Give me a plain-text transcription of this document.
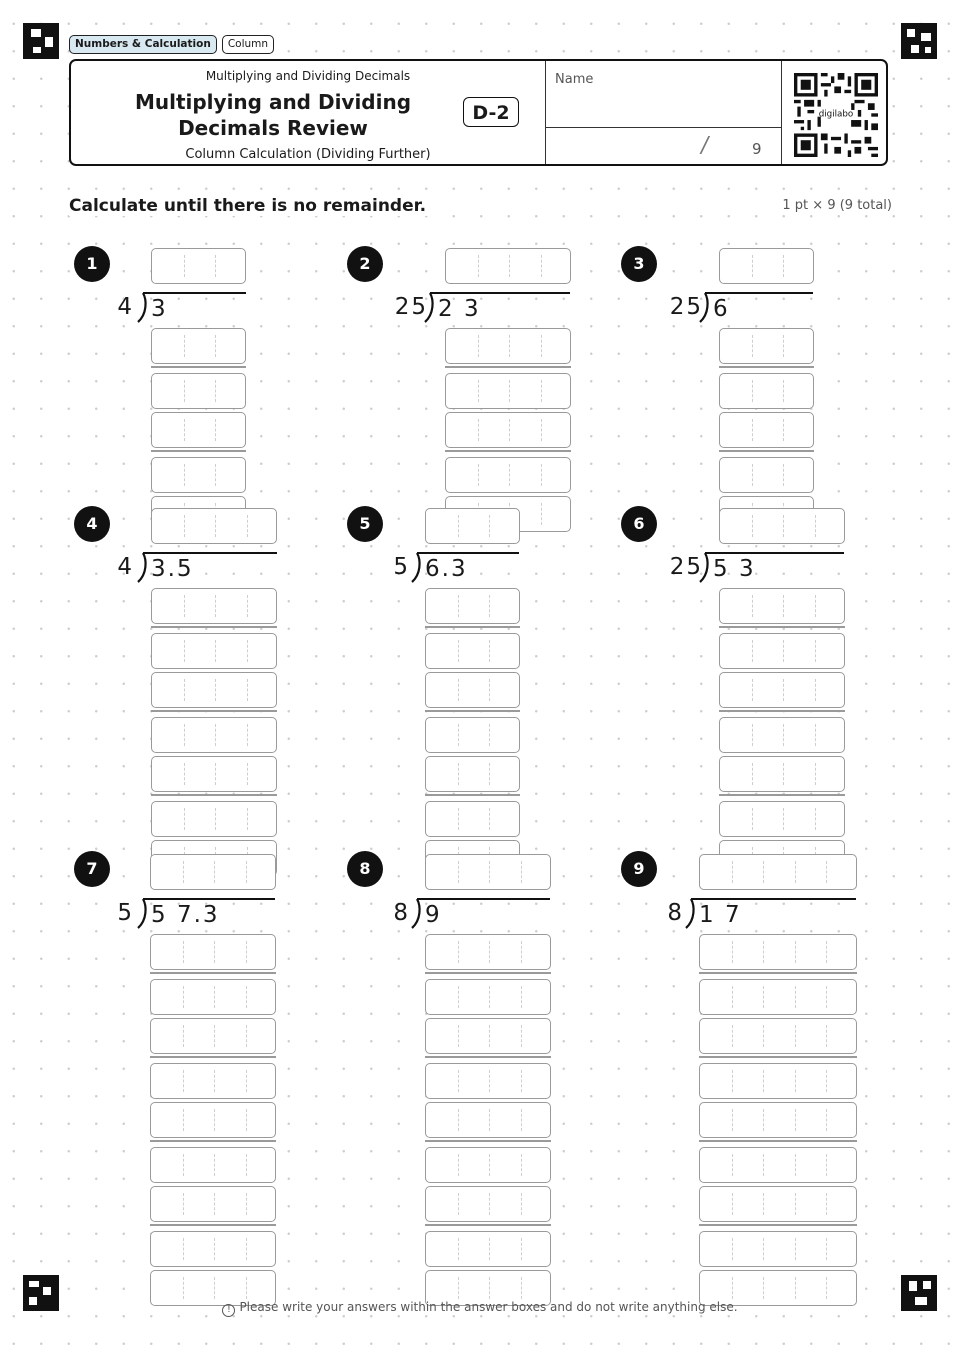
Numbers & Calculation	Column
Multiplying and Dividing Decimals
Multiplying and Dividing Decimals Review
D-2
Column Calculation (Dividing Further)
Name
/	9
digilabo
Calculate until there is no remainder.	1 pt × 9 (9 total)
1
4 3
2
25 2 3
3
25 6
4
4 3.5
5
5 6.3
6
25 5 3
7
5 5 7.3
8
8 9
9
8 1 7
! Please write your answers within the answer boxes and do not write anything else.
